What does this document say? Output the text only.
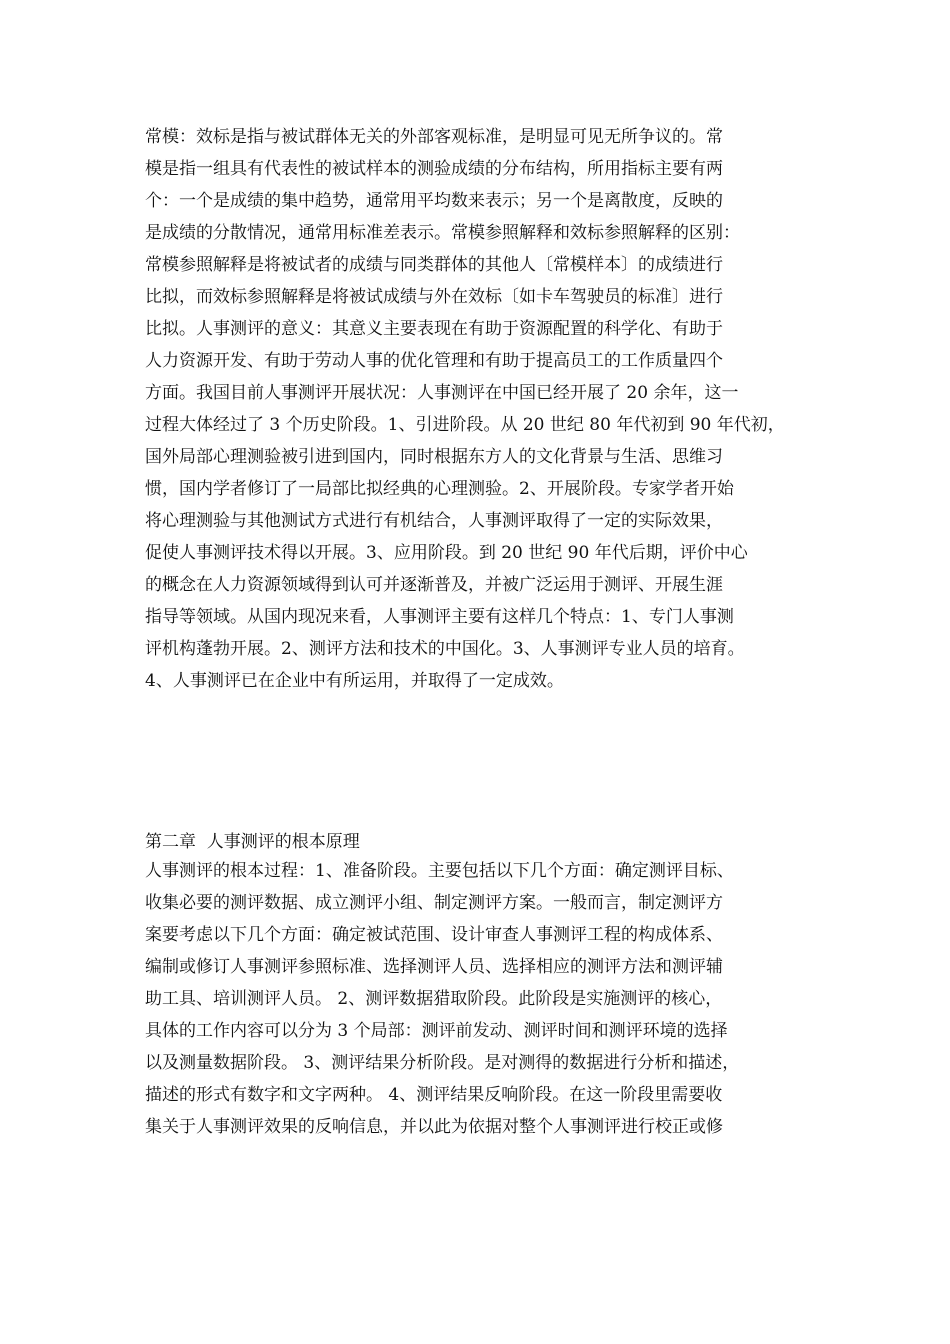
常模：效标是指与被试群体无关的外部客观标准，是明显可见无所争议的。常
模是指一组具有代表性的被试样本的测验成绩的分布结构，所用指标主要有两
个：一个是成绩的集中趋势，通常用平均数来表示；另一个是离散度，反映的
是成绩的分散情况，通常用标准差表示。常模参照解释和效标参照解释的区别：
常模参照解释是将被试者的成绩与同类群体的其他人〔常模样本〕的成绩进行
比拟，而效标参照解释是将被试成绩与外在效标〔如卡车驾驶员的标准〕进行
比拟。人事测评的意义：其意义主要表现在有助于资源配置的科学化、有助于
人力资源开发、有助于劳动人事的优化管理和有助于提高员工的工作质量四个
方面。我国目前人事测评开展状况：人事测评在中国已经开展了 20 余年，这一
过程大体经过了 3 个历史阶段。1、引进阶段。从 20 世纪 80 年代初到 90 年代初，
国外局部心理测验被引进到国内，同时根据东方人的文化背景与生活、思维习
惯，国内学者修订了一局部比拟经典的心理测验。2、开展阶段。专家学者开始
将心理测验与其他测试方式进行有机结合，人事测评取得了一定的实际效果，
促使人事测评技术得以开展。3、应用阶段。到 20 世纪 90 年代后期，评价中心
的概念在人力资源领域得到认可并逐渐普及，并被广泛运用于测评、开展生涯
指导等领域。从国内现况来看，人事测评主要有这样几个特点：1、专门人事测
评机构蓬勃开展。2、测评方法和技术的中国化。3、人事测评专业人员的培育。
4、人事测评已在企业中有所运用，并取得了一定成效。
第二章  人事测评的根本原理
人事测评的根本过程：1、准备阶段。主要包括以下几个方面：确定测评目标、
收集必要的测评数据、成立测评小组、制定测评方案。一般而言，制定测评方
案要考虑以下几个方面：确定被试范围、设计审查人事测评工程的构成体系、
编制或修订人事测评参照标准、选择测评人员、选择相应的测评方法和测评辅
助工具、培训测评人员。 2、测评数据猎取阶段。此阶段是实施测评的核心，
具体的工作内容可以分为 3 个局部：测评前发动、测评时间和测评环境的选择
以及测量数据阶段。 3、测评结果分析阶段。是对测得的数据进行分析和描述，
描述的形式有数字和文字两种。 4、测评结果反响阶段。在这一阶段里需要收
集关于人事测评效果的反响信息，并以此为依据对整个人事测评进行校正或修
